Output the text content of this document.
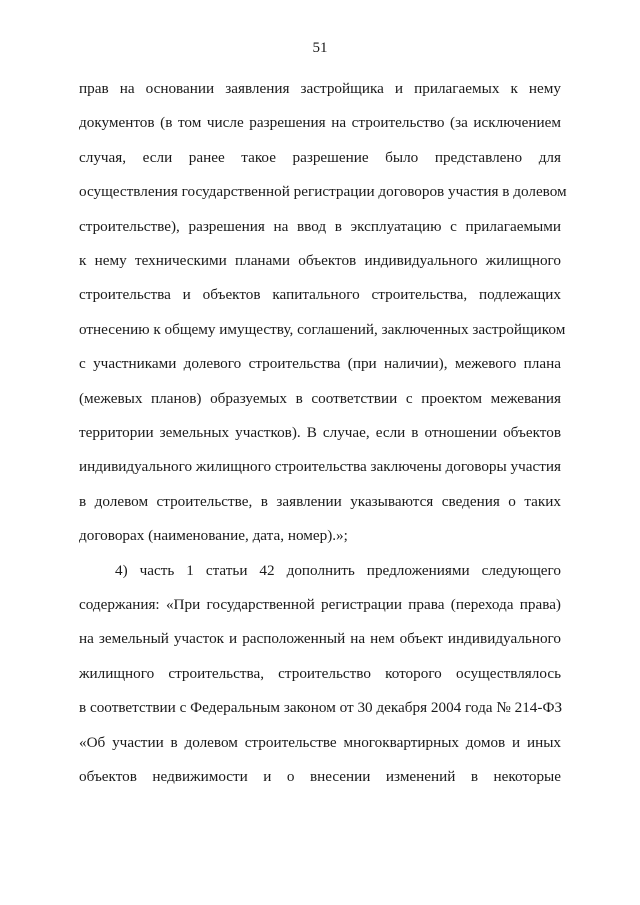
51
прав на основании заявления застройщика и прилагаемых к нему
документов (в том числе разрешения на строительство (за исключением
случая, если ранее такое разрешение было представлено для
осуществления государственной регистрации договоров участия в долевом
строительстве), разрешения на ввод в эксплуатацию с прилагаемыми
к нему техническими планами объектов индивидуального жилищного
строительства и объектов капитального строительства, подлежащих
отнесению к общему имуществу, соглашений, заключенных застройщиком
с участниками долевого строительства (при наличии), межевого плана
(межевых планов) образуемых в соответствии с проектом межевания
территории земельных участков). В случае, если в отношении объектов
индивидуального жилищного строительства заключены договоры участия
в долевом строительстве, в заявлении указываются сведения о таких
договорах (наименование, дата, номер).»;
4) часть 1 статьи 42 дополнить предложениями следующего
содержания: «При государственной регистрации права (перехода права)
на земельный участок и расположенный на нем объект индивидуального
жилищного строительства, строительство которого осуществлялось
в соответствии с Федеральным законом от 30 декабря 2004 года № 214-ФЗ
«Об участии в долевом строительстве многоквартирных домов и иных
объектов недвижимости и о внесении изменений в некоторые
